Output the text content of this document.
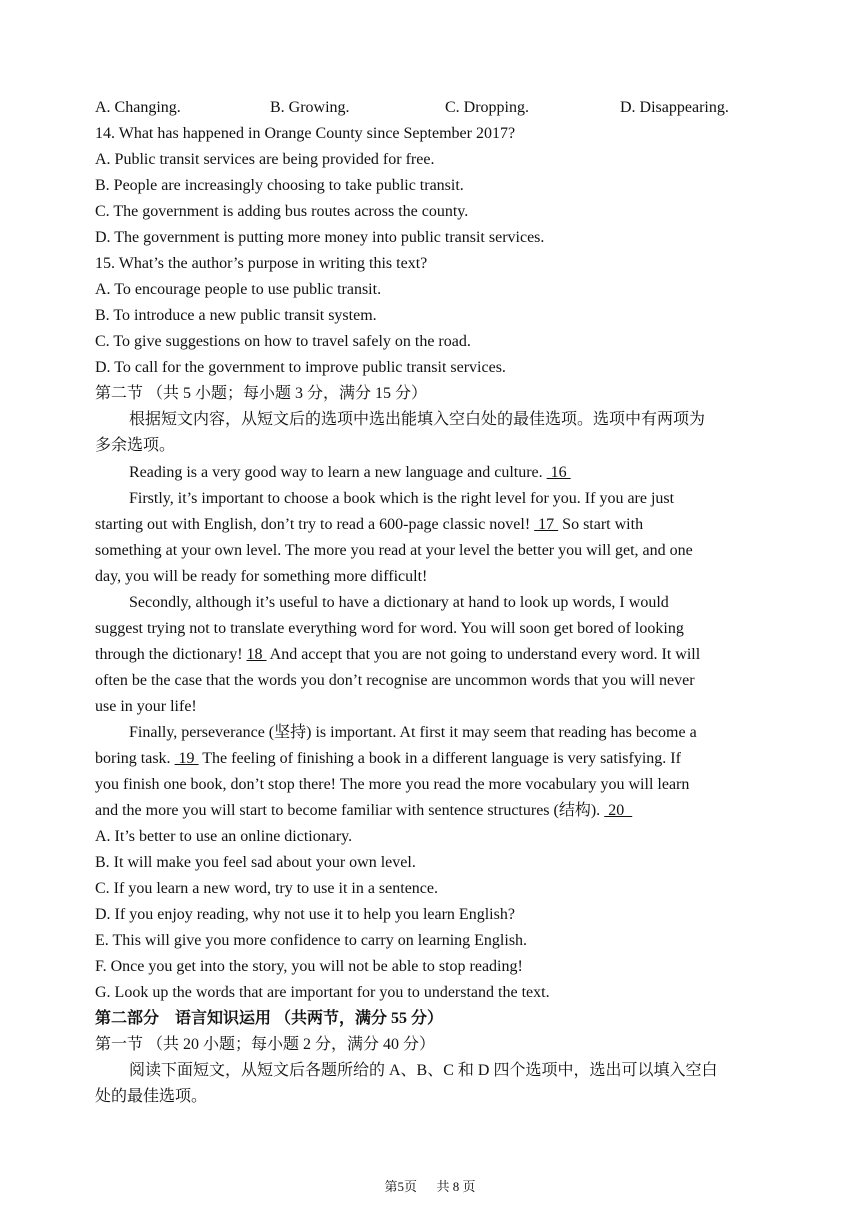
A. Changing.	B. Growing.	C. Dropping.	D. Disappearing.
14. What has happened in Orange County since September 2017?
A. Public transit services are being provided for free.
B. People are increasingly choosing to take public transit.
C. The government is adding bus routes across the county.
D. The government is putting more money into public transit services.
15. What’s the author’s purpose in writing this text?
A. To encourage people to use public transit.
B. To introduce a new public transit system.
C. To give suggestions on how to travel safely on the road.
D. To call for the government to improve public transit services.
第二节 （共 5 小题；每小题 3 分，满分 15 分）
根据短文内容，从短文后的选项中选出能填入空白处的最佳选项。选项中有两项为
多余选项。
Reading is a very good way to learn a new language and culture.  16
Firstly, it’s important to choose a book which is the right level for you. If you are just
starting out with English, don’t try to read a 600-page classic novel!  17  So start with
something at your own level. The more you read at your level the better you will get, and one
day, you will be ready for something more difficult!
Secondly, although it’s useful to have a dictionary at hand to look up words, I would
suggest trying not to translate everything word for word. You will soon get bored of looking
through the dictionary! 18  And accept that you are not going to understand every word. It will
often be the case that the words you don’t recognise are uncommon words that you will never
use in your life!
Finally, perseverance (坚持) is important. At first it may seem that reading has become a
boring task.  19  The feeling of finishing a book in a different language is very satisfying. If
you finish one book, don’t stop there! The more you read the more vocabulary you will learn
and the more you will start to become familiar with sentence structures (结构).  20
A. It’s better to use an online dictionary.
B. It will make you feel sad about your own level.
C. If you learn a new word, try to use it in a sentence.
D. If you enjoy reading, why not use it to help you learn English?
E. This will give you more confidence to carry on learning English.
F. Once you get into the story, you will not be able to stop reading!
G. Look up the words that are important for you to understand the text.
第二部分　语言知识运用 （共两节，满分 55 分）
第一节 （共 20 小题；每小题 2 分，满分 40 分）
阅读下面短文，从短文后各题所给的 A、B、C 和 D 四个选项中，选出可以填入空白
处的最佳选项。
第5页 共 8 页
